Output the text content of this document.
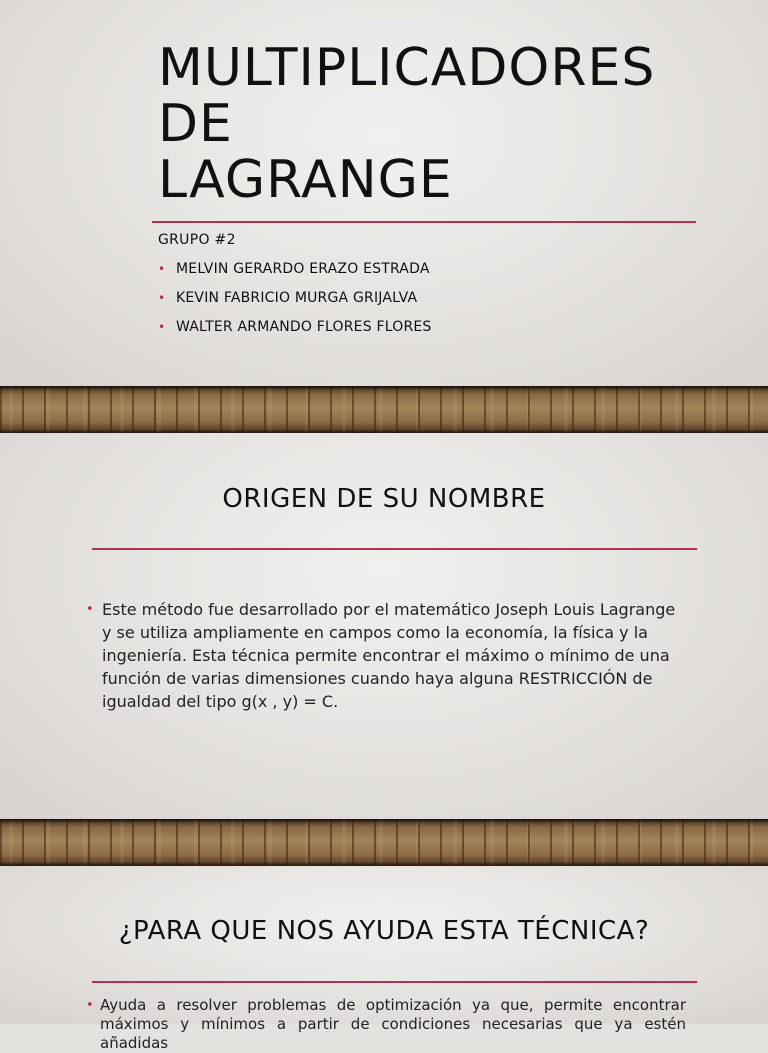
MULTIPLICADORES
DE
LAGRANGE
GRUPO #2
• MELVIN GERARDO ERAZO ESTRADA
• KEVIN FABRICIO MURGA GRIJALVA
• WALTER ARMANDO FLORES FLORES
ORIGEN DE SU NOMBRE
• Este método fue desarrollado por el matemático Joseph Louis Lagrange y se utiliza ampliamente en campos como la economía, la física y la ingeniería. Esta técnica permite encontrar el máximo o mínimo de una función de varias dimensiones cuando haya alguna RESTRICCIÓN de igualdad del tipo g(x , y) = C.
¿PARA QUE NOS AYUDA ESTA TÉCNICA?
• Ayuda a resolver problemas de optimización ya que, permite encontrar máximos y mínimos a partir de condiciones necesarias que ya estén añadidas
